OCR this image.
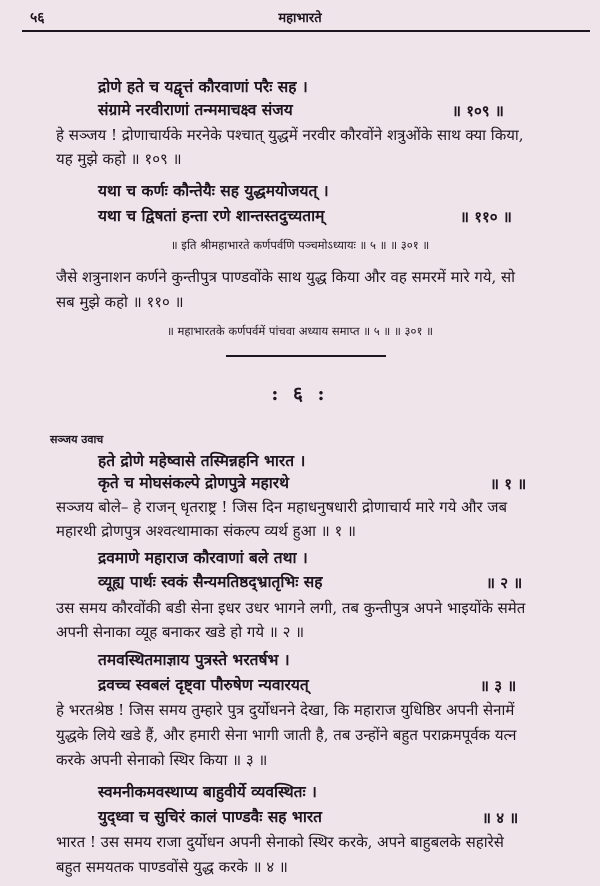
५६	महाभारते
द्रोणे हते च यद्वृत्तं कौरवाणां परैः सह ।
संग्रामे नरवीराणां तन्ममाचक्ष्व संजय	॥ १०९ ॥
हे सञ्जय ! द्रोणाचार्यके मरनेके पश्चात् युद्धमें नरवीर कौरवोंने शत्रुओंके साथ क्या किया,
यह मुझे कहो ॥ १०९ ॥
यथा च कर्णः कौन्तेयैः सह युद्धमयोजयत् ।
यथा च द्विषतां हन्ता रणे शान्तस्तदुच्यताम्	॥ ११० ॥
॥ इति श्रीमहाभारते कर्णपर्वणि पञ्चमोऽध्यायः ॥ ५ ॥ ॥ ३०१ ॥
जैसे शत्रुनाशन कर्णने कुन्तीपुत्र पाण्डवोंके साथ युद्ध किया और वह समरमें मारे गये, सो
सब मुझे कहो ॥ ११० ॥
॥ महाभारतके कर्णपर्वमें पांचवा अध्याय समाप्त ॥ ५ ॥ ॥ ३०१ ॥
: ६ :
सञ्जय उवाच
हते द्रोणे महेष्वासे तस्मिन्नहनि भारत ।
कृते च मोघसंकल्पे द्रोणपुत्रे महारथे	॥ १ ॥
सञ्जय बोले– हे राजन् धृतराष्ट्र ! जिस दिन महाधनुषधारी द्रोणाचार्य मारे गये और जब
महारथी द्रोणपुत्र अश्वत्थामाका संकल्प व्यर्थ हुआ ॥ १ ॥
द्रवमाणे महाराज कौरवाणां बले तथा ।
व्यूह्य पार्थः स्वकं सैन्यमतिष्ठद्भ्रातृभिः सह	॥ २ ॥
उस समय कौरवोंकी बडी सेना इधर उधर भागने लगी, तब कुन्तीपुत्र अपने भाइयोंके समेत
अपनी सेनाका व्यूह बनाकर खडे हो गये ॥ २ ॥
तमवस्थितमाज्ञाय पुत्रस्ते भरतर्षभ ।
द्रवच्च स्वबलं दृष्ट्वा पौरुषेण न्यवारयत्	॥ ३ ॥
हे भरतश्रेष्ठ ! जिस समय तुम्हारे पुत्र दुर्योधनने देखा, कि महाराज युधिष्ठिर अपनी सेनामें
युद्धके लिये खडे हैं, और हमारी सेना भागी जाती है, तब उन्होंने बहुत पराक्रमपूर्वक यत्न
करके अपनी सेनाको स्थिर किया ॥ ३ ॥
स्वमनीकमवस्थाप्य बाहुवीर्ये व्यवस्थितः ।
युद्ध्वा च सुचिरं कालं पाण्डवैः सह भारत	॥ ४ ॥
भारत ! उस समय राजा दुर्योधन अपनी सेनाको स्थिर करके, अपने बाहुबलके सहारेसे
बहुत समयतक पाण्डवोंसे युद्ध करके ॥ ४ ॥
